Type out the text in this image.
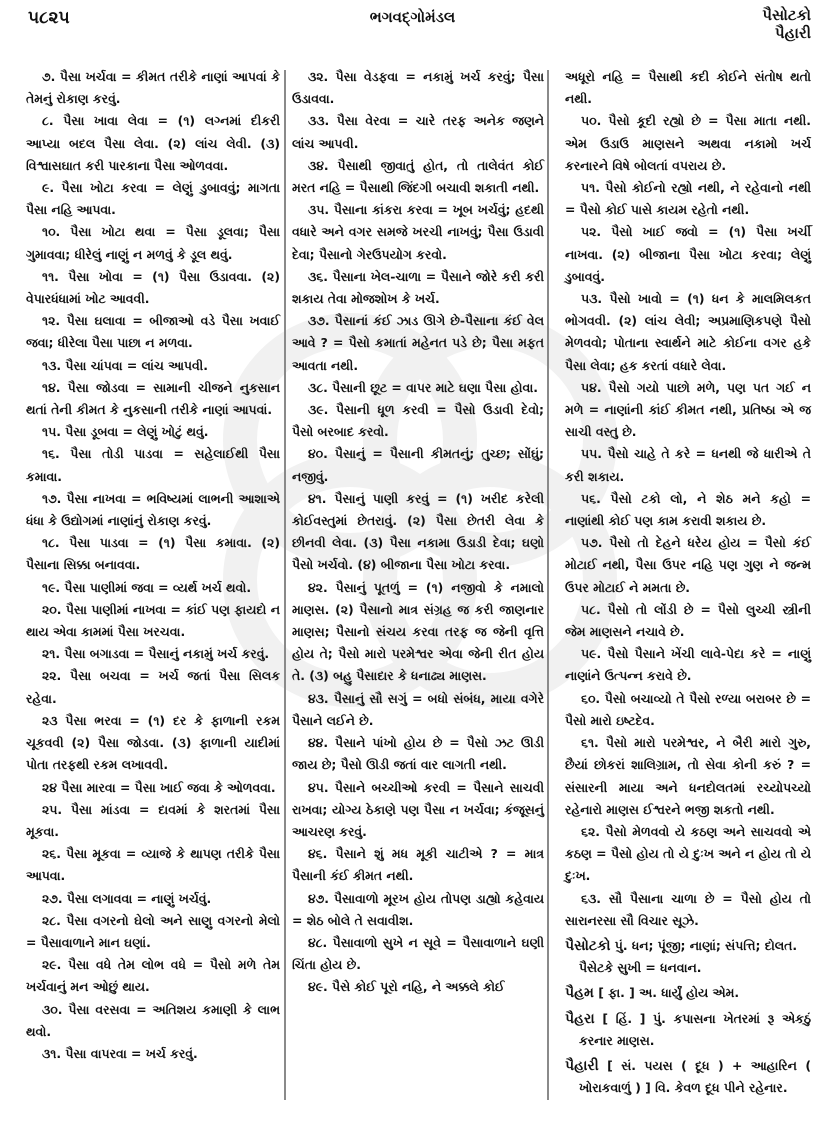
૫૮૨૫	ભગવદ્ગોમંડલ	પૈસોટકો
પૈહારી
૭. પૈસા ખર્ચવા = કીમત તરીકે નાણાં આપવાં કે તેમનું રોકાણ કરવું.
૮. પૈસા ખાવા લેવા = (૧) લગ્નમાં દીકરી આપ્યા બદલ પૈસા લેવા. (૨) લાંચ લેવી. (૩) વિશ્વાસઘાત કરી પારકાના પૈસા ઓળવવા.
૯. પૈસા ખોટા કરવા = લેણું ડુબાવવું; માગતા પૈસા નહિ આપવા.
૧૦. પૈસા ખોટા થવા = પૈસા ડૂલવા; પૈસા ગુમાવવા; ધીરેલું નાણું ન મળવું કે ડૂલ થવું.
૧૧. પૈસા ખોવા = (૧) પૈસા ઉડાવવા. (૨) વેપારધંધામાં ખોટ આવવી.
૧૨. પૈસા ઘલાવા = બીજાઓ વડે પૈસા ખવાઈ જવા; ધીરેલા પૈસા પાછા ન મળવા.
૧૩. પૈસા ચાંપવા = લાંચ આપવી.
૧૪. પૈસા જોડવા = સામાની ચીજને નુકસાન થતાં તેની કીમત કે નુકસાની તરીકે નાણાં આપવાં.
૧૫. પૈસા ડૂબવા = લેણું ખોટું થવું.
૧૬. પૈસા તોડી પાડવા = સહેલાઈથી પૈસા કમાવા.
૧૭. પૈસા નાખવા = ભવિષ્યમાં લાભની આશાએ ધંધા કે ઉદ્યોગમાં નાણાંનું રોકાણ કરવું.
૧૮. પૈસા પાડવા = (૧) પૈસા કમાવા. (૨) પૈસાના સિક્કા બનાવવા.
૧૯. પૈસા પાણીમાં જવા = વ્યર્થ ખર્ચ થવો.
૨૦. પૈસા પાણીમાં નાખવા = કાંઈ પણ ફાયદો ન થાય એવા કામમાં પૈસા ખરચવા.
૨૧. પૈસા બગાડવા = પૈસાનું નકામું ખર્ચ કરવું.
૨૨. પૈસા બચવા = ખર્ચ જતાં પૈસા સિલક રહેવા.
૨૩ પૈસા ભરવા = (૧) દર કે ફાળાની રકમ ચૂકવવી (૨) પૈસા જોડવા. (૩) ફાળાની યાદીમાં પોતા તરફથી રકમ લખાવવી.
૨૪ પૈસા મારવા = પૈસા ખાઈ જવા કે ઓળવવા.
૨૫. પૈસા માંડવા = દાવમાં કે શરતમાં પૈસા મૂકવા.
૨૬. પૈસા મૂકવા = વ્યાજે કે થાપણ તરીકે પૈસા આપવા.
૨૭. પૈસા લગાવવા = નાણું ખર્ચવું.
૨૮. પૈસા વગરનો ઘેલો અને સાણુ વગરનો મેલો = પૈસાવાળાને માન ઘણાં.
૨૯. પૈસા વધે તેમ લોભ વધે = પૈસો મળે તેમ ખર્ચવાનું મન ઓછું થાય.
૩૦. પૈસા વરસવા = અતિશય કમાણી કે લાભ થવો.
૩૧. પૈસા વાપરવા = ખર્ચ કરવું.
૩૨. પૈસા વેડફવા = નકામું ખર્ચ કરવું; પૈસા ઉડાવવા.
૩૩. પૈસા વેરવા = ચારે તરફ અનેક જણને લાંચ આપવી.
૩૪. પૈસાથી જીવાતું હોત, તો તાલેવંત કોઈ મરત નહિ = પૈસાથી જિંદગી બચાવી શકાતી નથી.
૩૫. પૈસાના કાંકરા કરવા = ખૂબ ખર્ચવું; હદથી વધારે અને વગર સમજે ખરચી નાખવું; પૈસા ઉડાવી દેવા; પૈસાનો ગેરઉપયોગ કરવો.
૩૬. પૈસાના ખેલ-ચાળા = પૈસાને જોરે કરી કરી શકાય તેવા મોજશોખ કે ખર્ચ.
૩૭. પૈસાનાં કંઈ ઝાડ ઊગે છે-પૈસાના કંઈ વેલ આવે ? = પૈસો કમાતાં મહેનત પડે છે; પૈસા મફત આવતા નથી.
૩૮. પૈસાની છૂટ = વાપર માટે ઘણા પૈસા હોવા.
૩૯. પૈસાની ધૂળ કરવી = પૈસો ઉડાવી દેવો; પૈસો બરબાદ કરવો.
૪૦. પૈસાનું = પૈસાની કીમતનું; તુચ્છ; સોંઘું; નજીવું.
૪૧. પૈસાનું પાણી કરવું = (૧) ખરીદ કરેલી કોઈવસ્તુમાં છેતરાવું. (૨) પૈસા છેતરી લેવા કે છીનવી લેવા. (૩) પૈસા નકામા ઉડાડી દેવા; ઘણો પૈસો ખર્ચવો. (૪) બીજાના પૈસા ખોટા કરવા.
૪૨. પૈસાનું પૂતળું = (૧) નજીવો કે નમાલો માણસ. (૨) પૈસાનો માત્ર સંગ્રહ જ કરી જાણનાર માણસ; પૈસાનો સંચય કરવા તરફ જ જેની વૃત્તિ હોય તે; પૈસો મારો પરમેશ્વર એવા જેની રીત હોય તે. (૩) બહુ પૈસાદાર કે ધનાઢ્ય માણસ.
૪૩. પૈસાનું સૌ સગું = બધો સંબંધ, માયા વગેરે પૈસાને લઈને છે.
૪૪. પૈસાને પાંખો હોય છે = પૈસો ઝટ ઊડી જાય છે; પૈસો ઊડી જતાં વાર લાગતી નથી.
૪૫. પૈસાને બચ્ચીઓ કરવી = પૈસાને સાચવી રાખવા; યોગ્ય ઠેકાણે પણ પૈસા ન ખર્ચવા; કંજૂસનું આચરણ કરવું.
૪૬. પૈસાને શું મધ મૂકી ચાટીએ ? = માત્ર પૈસાની કંઈ કીમત નથી.
૪૭. પૈસાવાળો મૂરખ હોય તોપણ ડાહ્યો કહેવાય = શેઠ બોલે તે સવાવીશ.
૪૮. પૈસાવાળો સુખે ન સૂવે = પૈસાવાળાને ઘણી ચિંતા હોય છે.
૪૯. પૈસે કોઈ પૂરો નહિ, ને અક્કલે કોઈ
અધૂરો નહિ = પૈસાથી કદી કોઈને સંતોષ થતો નથી.
૫૦. પૈસો કૂદી રહ્યો છે = પૈસા માતા નથી. એમ ઉડાઉ માણસને અથવા નકામો ખર્ચ કરનારને વિષે બોલતાં વપરાય છે.
૫૧. પૈસો કોઈનો રહ્યો નથી, ને રહેવાનો નથી = પૈસો કોઈ પાસે કાયમ રહેતો નથી.
૫૨. પૈસો ખાઈ જવો = (૧) પૈસા ખર્ચી નાખવા. (૨) બીજાના પૈસા ખોટા કરવા; લેણું ડુબાવવું.
૫૩. પૈસો ખાવો = (૧) ધન કે માલમિલકત ભોગવવી. (૨) લાંચ લેવી; અપ્રમાણિકપણે પૈસો મેળવવો; પોતાના સ્વાર્થને માટે કોઈના વગર હકે પૈસા લેવા; હક કરતાં વધારે લેવા.
૫૪. પૈસો ગયો પાછો મળે, પણ પત ગઈ ન મળે = નાણાંની કાંઈ કીમત નથી, પ્રતિષ્ઠા એ જ સાચી વસ્તુ છે.
૫૫. પૈસો ચાહે તે કરે = ધનથી જે ધારીએ તે કરી શકાય.
૫૬. પૈસો ટકો લો, ને શેઠ મને કહો = નાણાંથી કોઈ પણ કામ કરાવી શકાય છે.
૫૭. પૈસો તો દેહને ધરેય હોય = પૈસો કંઈ મોટાઈ નથી, પૈસા ઉપર નહિ પણ ગુણ ને જન્મ ઉપર મોટાઈ ને મમતા છે.
૫૮. પૈસો તો લોંડી છે = પૈસો લુચ્ચી સ્ત્રીની જેમ માણસને નચાવે છે.
૫૯. પૈસો પૈસાને ખેંચી લાવે-પેદા કરે = નાણું નાણાંને ઉત્પન્ન કરાવે છે.
૬૦. પૈસો બચાવ્યો તે પૈસો રળ્યા બરાબર છે = પૈસો મારો ઇષ્ટદેવ.
૬૧. પૈસો મારો પરમેશ્વર, ને બૈરી મારો ગુરુ, છૈયાં છોકરાં શાલિગ્રામ, તો સેવા કોની કરું ? = સંસારની માયા અને ધનદોલતમાં રચ્યોપચ્યો રહેનારો માણસ ઈશ્વરને ભજી શકતો નથી.
૬૨. પૈસો મેળવવો યે કઠણ અને સાચવવો એ કઠણ = પૈસો હોય તો યે દુઃખ અને ન હોય તો યે દુઃખ.
૬૩. સૌ પૈસાના ચાળા છે = પૈસો હોય તો સારાનરસા સૌ વિચાર સૂઝે.
પૈસોટકો પું. ધન; પૂંજી; નાણાં; સંપત્તિ; દોલત.
પૈસેટકે સુખી = ધનવાન.
પૈહમ [ ફા. ] અ. ધાર્યું હોય એમ.
પૈહરા [ હિં. ] પું. કપાસના ખેતરમાં રૂ એકઠું કરનાર માણસ.
પૈહારી [ સં. પયસ ( દૂધ ) + આહારિન ( ખોરાકવાળું ) ] વિ. કેવળ દૂધ પીને રહેનાર.
